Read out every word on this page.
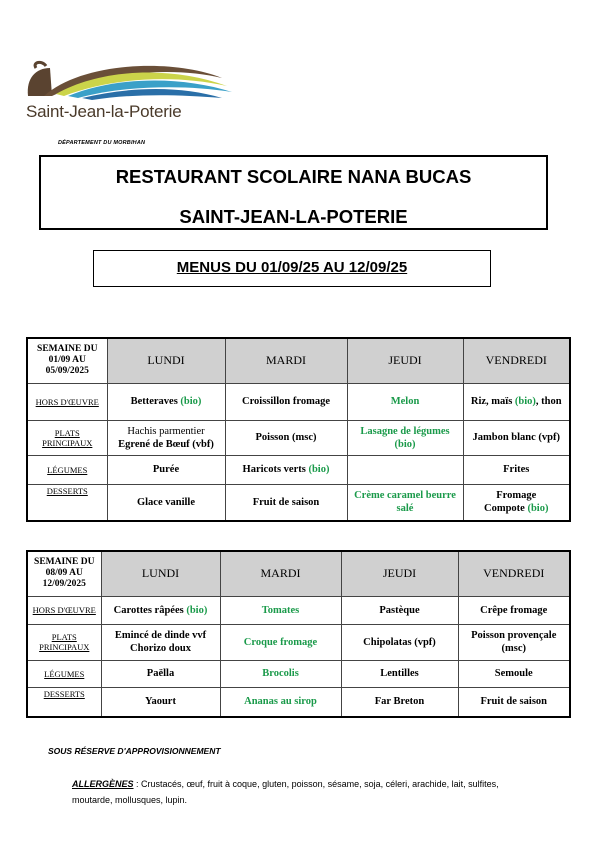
Saint-Jean-la-Poterie
DÉPARTEMENT DU MORBIHAN
RESTAURANT SCOLAIRE NANA BUCAS
SAINT-JEAN-LA-POTERIE
MENUS DU 01/09/25 AU 12/09/25
SEMAINE DU 01/09 AU 05/09/2025	LUNDI	MARDI	JEUDI	VENDREDI
HORS D'ŒUVRE	Betteraves (bio)	Croissillon fromage	Melon	Riz, maïs (bio), thon
PLATS PRINCIPAUX	Hachis parmentier
Egrené de Bœuf (vbf)	Poisson (msc)	Lasagne de légumes
(bio)	Jambon blanc (vpf)
LÉGUMES	Purée	Haricots verts (bio)		Frites
DESSERTS	Glace vanille	Fruit de saison	Crème caramel beurre salé	Fromage
Compote (bio)
SEMAINE DU 08/09 AU 12/09/2025	LUNDI	MARDI	JEUDI	VENDREDI
HORS D'ŒUVRE	Carottes râpées (bio)	Tomates	Pastèque	Crêpe fromage
PLATS PRINCIPAUX	Emincé de dinde vvf
Chorizo doux	Croque fromage	Chipolatas (vpf)	Poisson provençale (msc)
LÉGUMES	Paëlla	Brocolis	Lentilles	Semoule
DESSERTS	Yaourt	Ananas au sirop	Far Breton	Fruit de saison
SOUS RÉSERVE D'APPROVISIONNEMENT
ALLERGÈNES : Crustacés, œuf, fruit à coque, gluten, poisson, sésame, soja, céleri, arachide, lait, sulfites, moutarde, mollusques, lupin.
